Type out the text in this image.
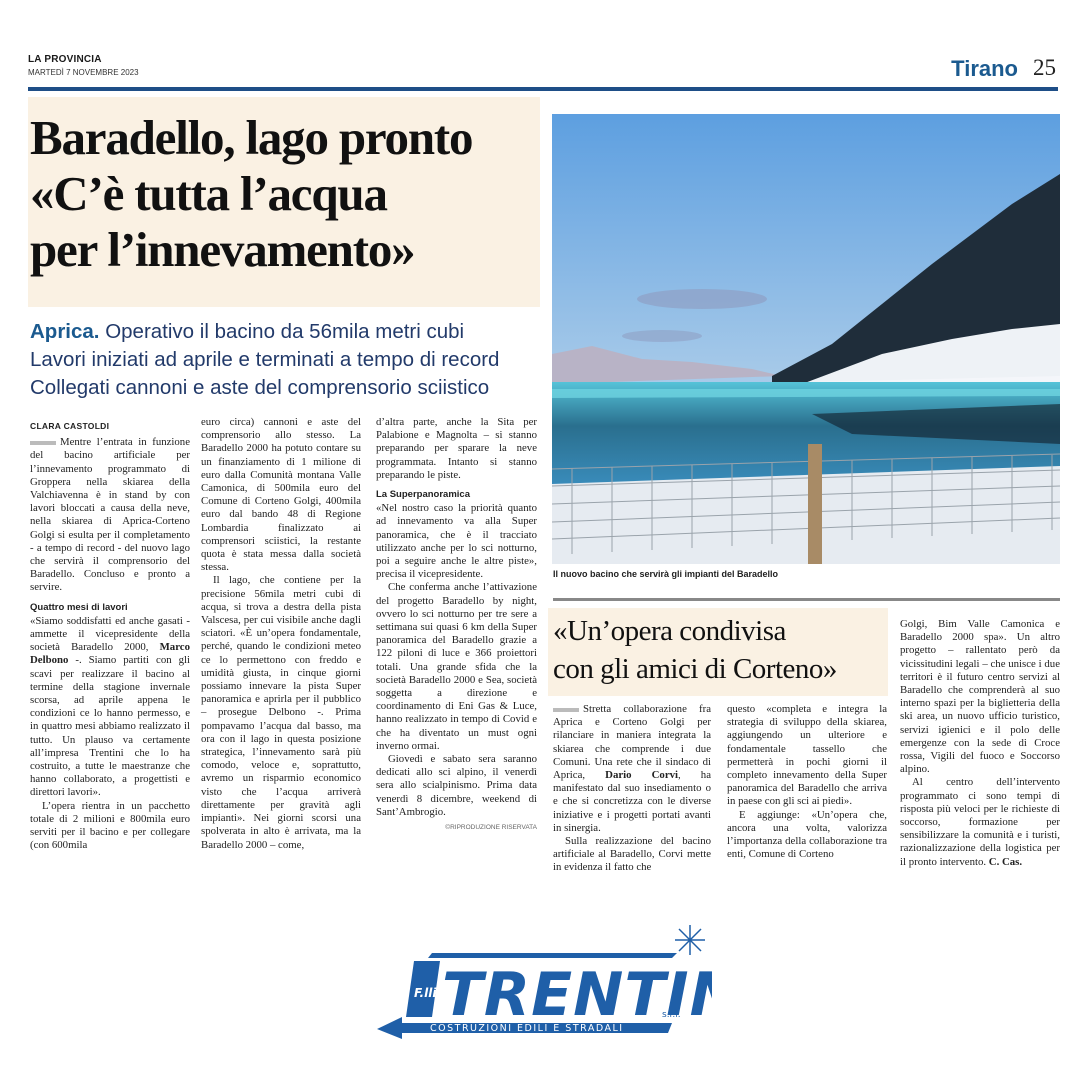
LA PROVINCIA
MARTEDÌ 7 NOVEMBRE 2023	Tirano 25
Baradello, lago pronto
«C’è tutta l’acqua
per l’innevamento»
Aprica. Operativo il bacino da 56mila metri cubi
Lavori iniziati ad aprile e terminati a tempo di record
Collegati cannoni e aste del comprensorio sciistico
Il nuovo bacino che servirà gli impianti del Baradello
CLARA CASTOLDI

Mentre l’entrata in funzione del bacino artificiale per l’innevamento programmato di Groppera nella skiarea della Valchiavenna è in stand by con lavori bloccati a causa della neve, nella skiarea di Aprica-Corteno Golgi si esulta per il completamento - a tempo di record - del nuovo lago che servirà il comprensorio del Baradello. Concluso e pronto a servire.

Quattro mesi di lavori

«Siamo soddisfatti ed anche gasati - ammette il vicepresidente della società Baradello 2000, Marco Delbono -. Siamo partiti con gli scavi per realizzare il bacino al termine della stagione invernale scorsa, ad aprile appena le condizioni ce lo hanno permesso, e in quattro mesi abbiamo realizzato il tutto. Un plauso va certamente all’impresa Trentini che lo ha costruito, a tutte le maestranze che hanno collaborato, a progettisti e direttori lavori».

L’opera rientra in un pacchetto totale di 2 milioni e 800mila euro serviti per il bacino e per collegare (con 600mila

euro circa) cannoni e aste del comprensorio allo stesso. La Baradello 2000 ha potuto contare su un finanziamento di 1 milione di euro dalla Comunità montana Valle Camonica, di 500mila euro del Comune di Corteno Golgi, 400mila euro dal bando 48 di Regione Lombardia finalizzato ai comprensori sciistici, la restante quota è stata messa dalla società stessa.

Il lago, che contiene per la precisione 56mila metri cubi di acqua, si trova a destra della pista Valscesa, per cui visibile anche dagli sciatori. «È un’opera fondamentale, perché, quando le condizioni meteo ce lo permettono con freddo e umidità giusta, in cinque giorni possiamo innevare la pista Super panoramica e aprirla per il pubblico – prosegue Delbono -. Prima pompavamo l’acqua dal basso, ma ora con il lago in questa posizione strategica, l’innevamento sarà più comodo, veloce e, soprattutto, avremo un risparmio economico visto che l’acqua arriverà direttamente per gravità agli impianti». Nei giorni scorsi una spolverata in alto è arrivata, ma la Baradello 2000 – come,

d’altra parte, anche la Sita per Palabione e Magnolta – si stanno preparando per sparare la neve programmata. Intanto si stanno preparando le piste.

La Superpanoramica

«Nel nostro caso la priorità quanto ad innevamento va alla Super panoramica, che è il tracciato utilizzato anche per lo sci notturno, poi a seguire anche le altre piste», precisa il vicepresidente.

Che conferma anche l’attivazione del progetto Baradello by night, ovvero lo sci notturno per tre sere a settimana sui quasi 6 km della Super panoramica del Baradello grazie a 122 piloni di luce e 366 proiettori totali. Una grande sfida che la società Baradello 2000 e Sea, società soggetta a direzione e coordinamento di Eni Gas & Luce, hanno realizzato in tempo di Covid e che ha diventato un must ogni inverno ormai.

Giovedì e sabato sera saranno dedicati allo sci alpino, il venerdì sera allo scialpinismo. Prima data venerdì 8 dicembre, weekend di Sant’Ambrogio.

©RIPRODUZIONE RISERVATA
«Un’opera condivisa
con gli amici di Corteno»

Stretta collaborazione fra Aprica e Corteno Golgi per rilanciare in maniera integrata la skiarea che comprende i due Comuni. Una rete che il sindaco di Aprica, Dario Corvi, ha manifestato dal suo insediamento o e che si concretizza con le diverse iniziative e i progetti portati avanti in sinergia.

Sulla realizzazione del bacino artificiale al Baradello, Corvi mette in evidenza il fatto che

questo «completa e integra la strategia di sviluppo della skiarea, aggiungendo un ulteriore e fondamentale tassello che permetterà in pochi giorni il completo innevamento della Super panoramica del Baradello che arriva in paese con gli sci ai piedi».

E aggiunge: «Un’opera che, ancora una volta, valorizza l’importanza della collaborazione tra enti, Comune di Corteno

Golgi, Bim Valle Camonica e Baradello 2000 spa». Un altro progetto – rallentato però da vicissitudini legali – che unisce i due territori è il futuro centro servizi al Baradello che comprenderà al suo interno spazi per la biglietteria della ski area, un nuovo ufficio turistico, servizi igienici e il polo delle emergenze con la sede di Croce rossa, Vigili del fuoco e Soccorso alpino.

Al centro dell’intervento programmato ci sono tempi di risposta più veloci per le richieste di soccorso, formazione per sensibilizzare la comunità e i turisti, razionalizzazione della logistica per il pronto intervento. C. Cas.

TRENTI
F.lli
s.r.l.
COSTRUZIONI EDILI E STRADALI
